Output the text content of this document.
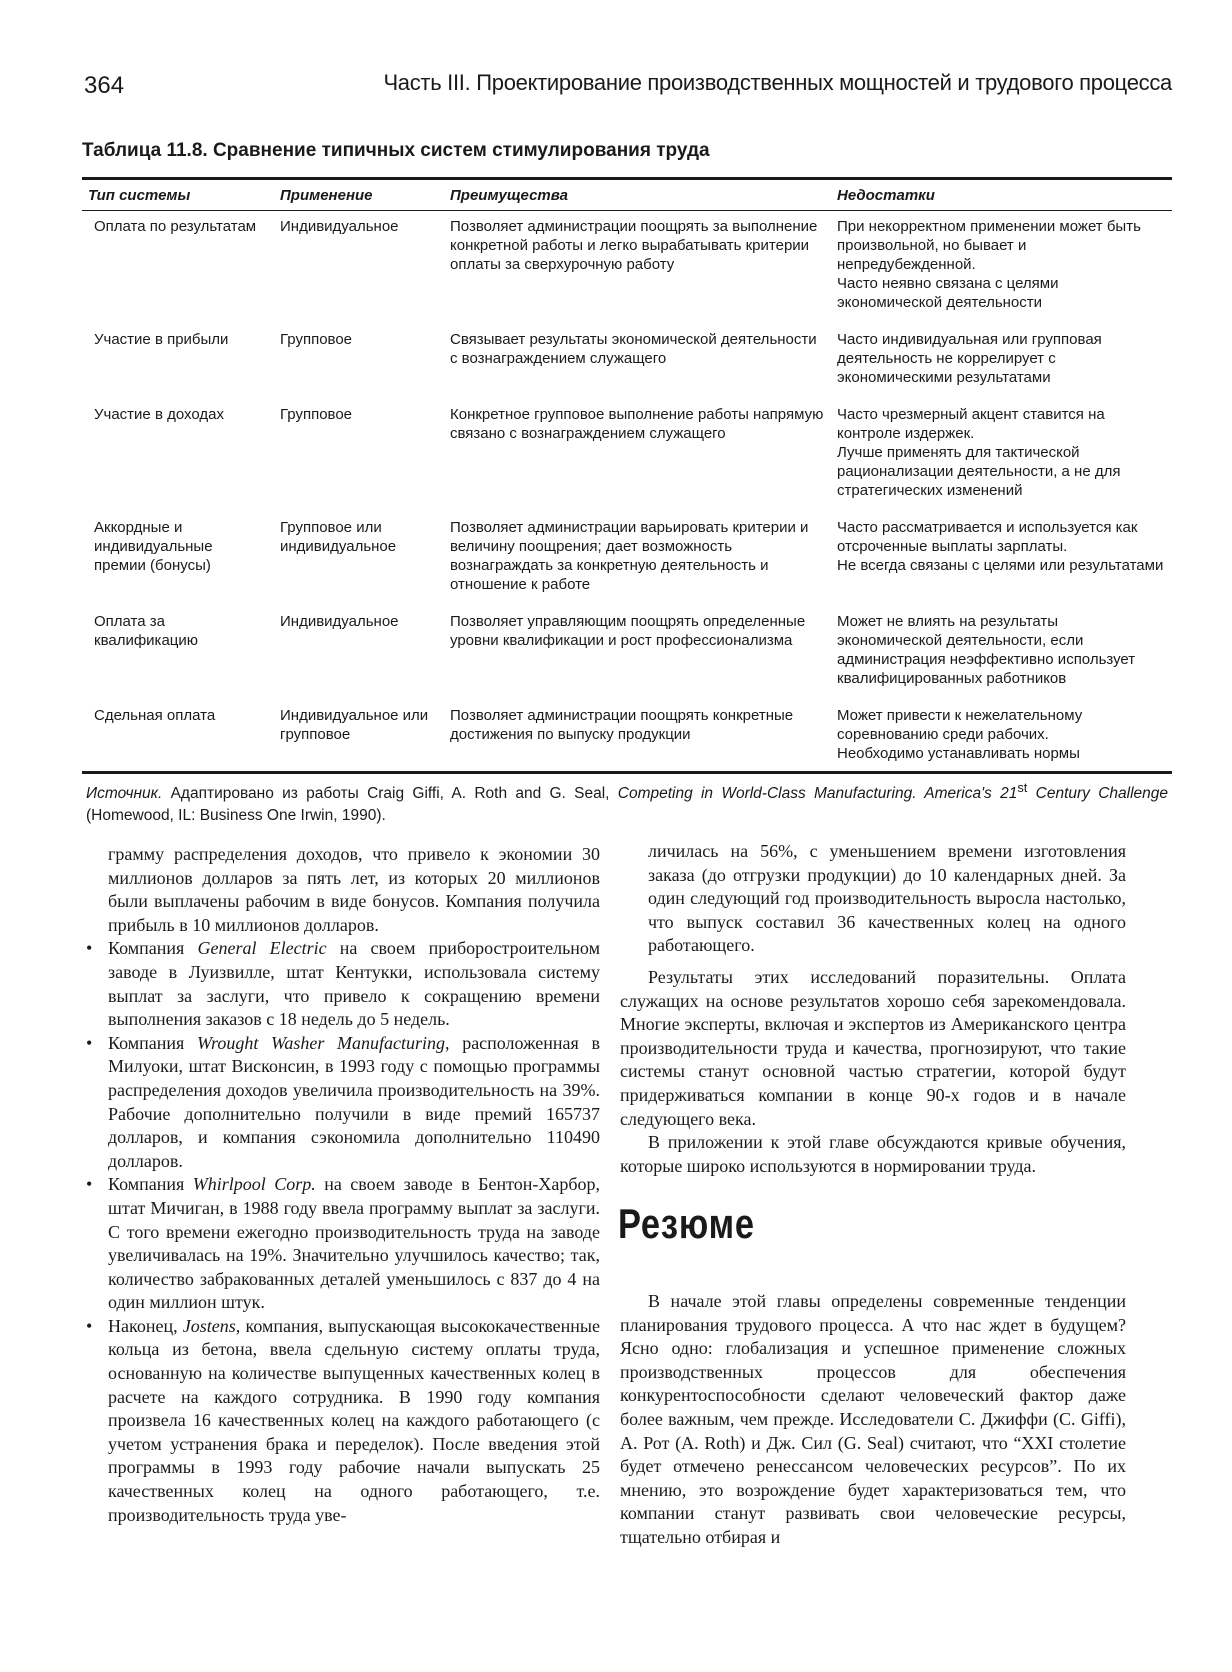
364	Часть III. Проектирование производственных мощностей и трудового процесса
Таблица 11.8. Сравнение типичных систем стимулирования труда
Тип системы	Применение	Преимущества	Недостатки
Оплата по результатам	Индивидуальное	Позволяет администрации поощрять за выполнение конкретной работы и легко вырабатывать критерии оплаты за сверхурочную работу	При некорректном применении может быть произвольной, но бывает и непредубежденной.
Часто неявно связана с целями экономической деятельности

Участие в прибыли	Групповое	Связывает результаты экономической деятельности с вознаграждением служащего	Часто индивидуальная или групповая деятельность не коррелирует с экономическими результатами

Участие в доходах	Групповое	Конкретное групповое выполнение работы напрямую связано с вознаграждением служащего	Часто чрезмерный акцент ставится на контроле издержек.
Лучше применять для тактической рационализации деятельности, а не для стратегических изменений

Аккордные и индивидуальные премии (бонусы)	Групповое или индивидуальное	Позволяет администрации варьировать критерии и величину поощрения; дает возможность вознаграждать за конкретную деятельность и отношение к работе	Часто рассматривается и используется как отсроченные выплаты зарплаты.
Не всегда связаны с целями или результатами

Оплата за квалификацию	Индивидуальное	Позволяет управляющим поощрять определенные уровни квалификации и рост профессионализма	Может не влиять на результаты экономической деятельности, если администрация неэффективно использует квалифицированных работников

Сдельная оплата	Индивидуальное или групповое	Позволяет администрации поощрять конкретные достижения по выпуску продукции	Может привести к нежелательному соревнованию среди рабочих.
Необходимо устанавливать нормы
Источник. Адаптировано из работы Craig Giffi, A. Roth and G. Seal, Competing in World-Class Manufacturing. America's 21st Century Challenge (Homewood, IL: Business One Irwin, 1990).

грамму распределения доходов, что привело к экономии 30 миллионов долларов за пять лет, из которых 20 миллионов были выплачены рабочим в виде бонусов. Компания получила прибыль в 10 миллионов долларов.

• Компания General Electric на своем приборостроительном заводе в Луизвилле, штат Кентукки, использовала систему выплат за заслуги, что привело к сокращению времени выполнения заказов с 18 недель до 5 недель.
• Компания Wrought Washer Manufacturing, расположенная в Милуоки, штат Висконсин, в 1993 году с помощью программы распределения доходов увеличила производительность на 39%. Рабочие дополнительно получили в виде премий 165737 долларов, и компания сэкономила дополнительно 110490 долларов.
• Компания Whirlpool Corp. на своем заводе в Бентон-Харбор, штат Мичиган, в 1988 году ввела программу выплат за заслуги. С того времени ежегодно производительность труда на заводе увеличивалась на 19%. Значительно улучшилось качество; так, количество забракованных деталей уменьшилось с 837 до 4 на один миллион штук.
• Наконец, Jostens, компания, выпускающая высококачественные кольца из бетона, ввела сдельную систему оплаты труда, основанную на количестве выпущенных качественных колец в расчете на каждого сотрудника. В 1990 году компания произвела 16 качественных колец на каждого работающего (с учетом устранения брака и переделок). После введения этой программы в 1993 году рабочие начали выпускать 25 качественных колец на одного работающего, т.е. производительность труда уве-

личилась на 56%, с уменьшением времени изготовления заказа (до отгрузки продукции) до 10 календарных дней. За один следующий год производительность выросла настолько, что выпуск составил 36 качественных колец на одного работающего.

Результаты этих исследований поразительны. Оплата служащих на основе результатов хорошо себя зарекомендовала. Многие эксперты, включая и экспертов из Американского центра производительности труда и качества, прогнозируют, что такие системы станут основной частью стратегии, которой будут придерживаться компании в конце 90-х годов и в начале следующего века.

В приложении к этой главе обсуждаются кривые обучения, которые широко используются в нормировании труда.

Резюме

В начале этой главы определены современные тенденции планирования трудового процесса. А что нас ждет в будущем? Ясно одно: глобализация и успешное применение сложных производственных процессов для обеспечения конкурентоспособности сделают человеческий фактор даже более важным, чем прежде. Исследователи С. Джиффи (C. Giffi), А. Рот (A. Roth) и Дж. Сил (G. Seal) считают, что “XXI столетие будет отмечено ренессансом человеческих ресурсов”. По их мнению, это возрождение будет характеризоваться тем, что компании станут развивать свои человеческие ресурсы, тщательно отбирая и
